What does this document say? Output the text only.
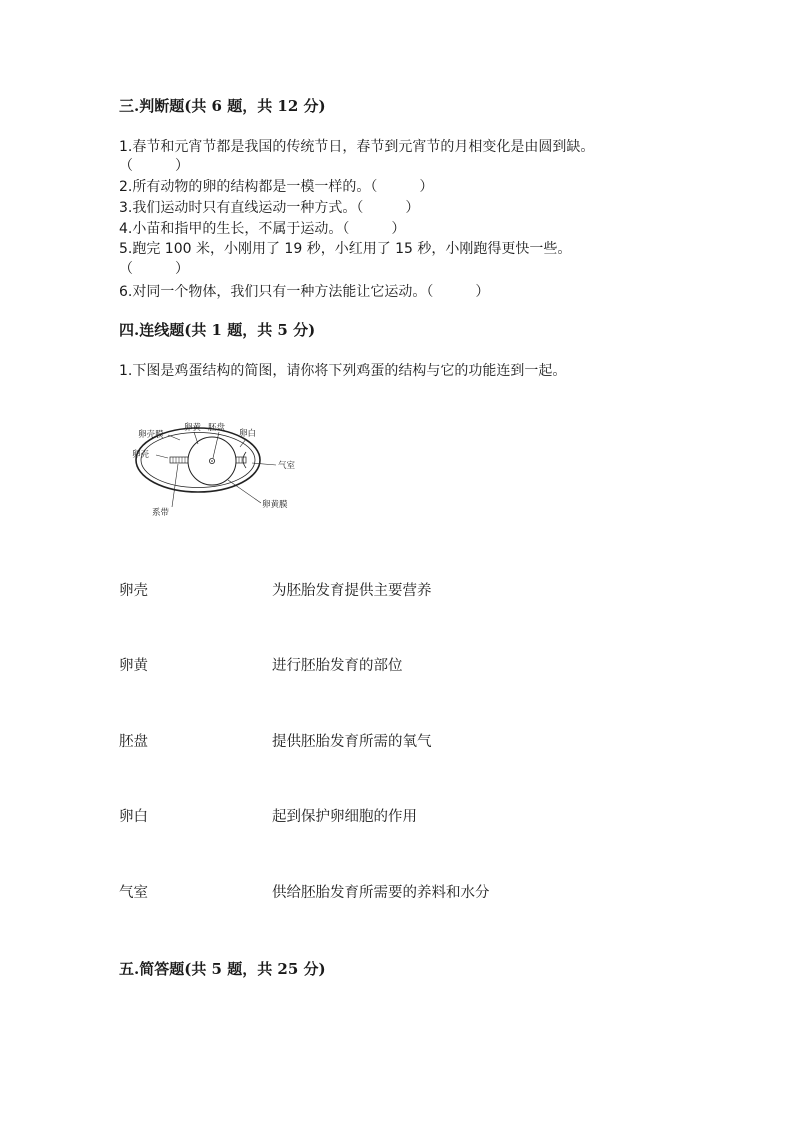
三.判断题(共 6 题，共 12 分)
1.春节和元宵节都是我国的传统节日，春节到元宵节的月相变化是由圆到缺。
（　　　）
2.所有动物的卵的结构都是一模一样的。（　　　）
3.我们运动时只有直线运动一种方式。（　　　）
4.小苗和指甲的生长，不属于运动。（　　　）
5.跑完 100 米，小刚用了 19 秒，小红用了 15 秒，小刚跑得更快一些。
（　　　）
6.对同一个物体，我们只有一种方法能让它运动。（　　　）
四.连线题(共 1 题，共 5 分)
1.下图是鸡蛋结构的简图，请你将下列鸡蛋的结构与它的功能连到一起。
卵壳膜
卵壳
卵黄 胚盘
卵白
气室
系带
卵黄膜
卵壳	为胚胎发育提供主要营养
卵黄	进行胚胎发育的部位
胚盘	提供胚胎发育所需的氧气
卵白	起到保护卵细胞的作用
气室	供给胚胎发育所需要的养料和水分
五.简答题(共 5 题，共 25 分)
